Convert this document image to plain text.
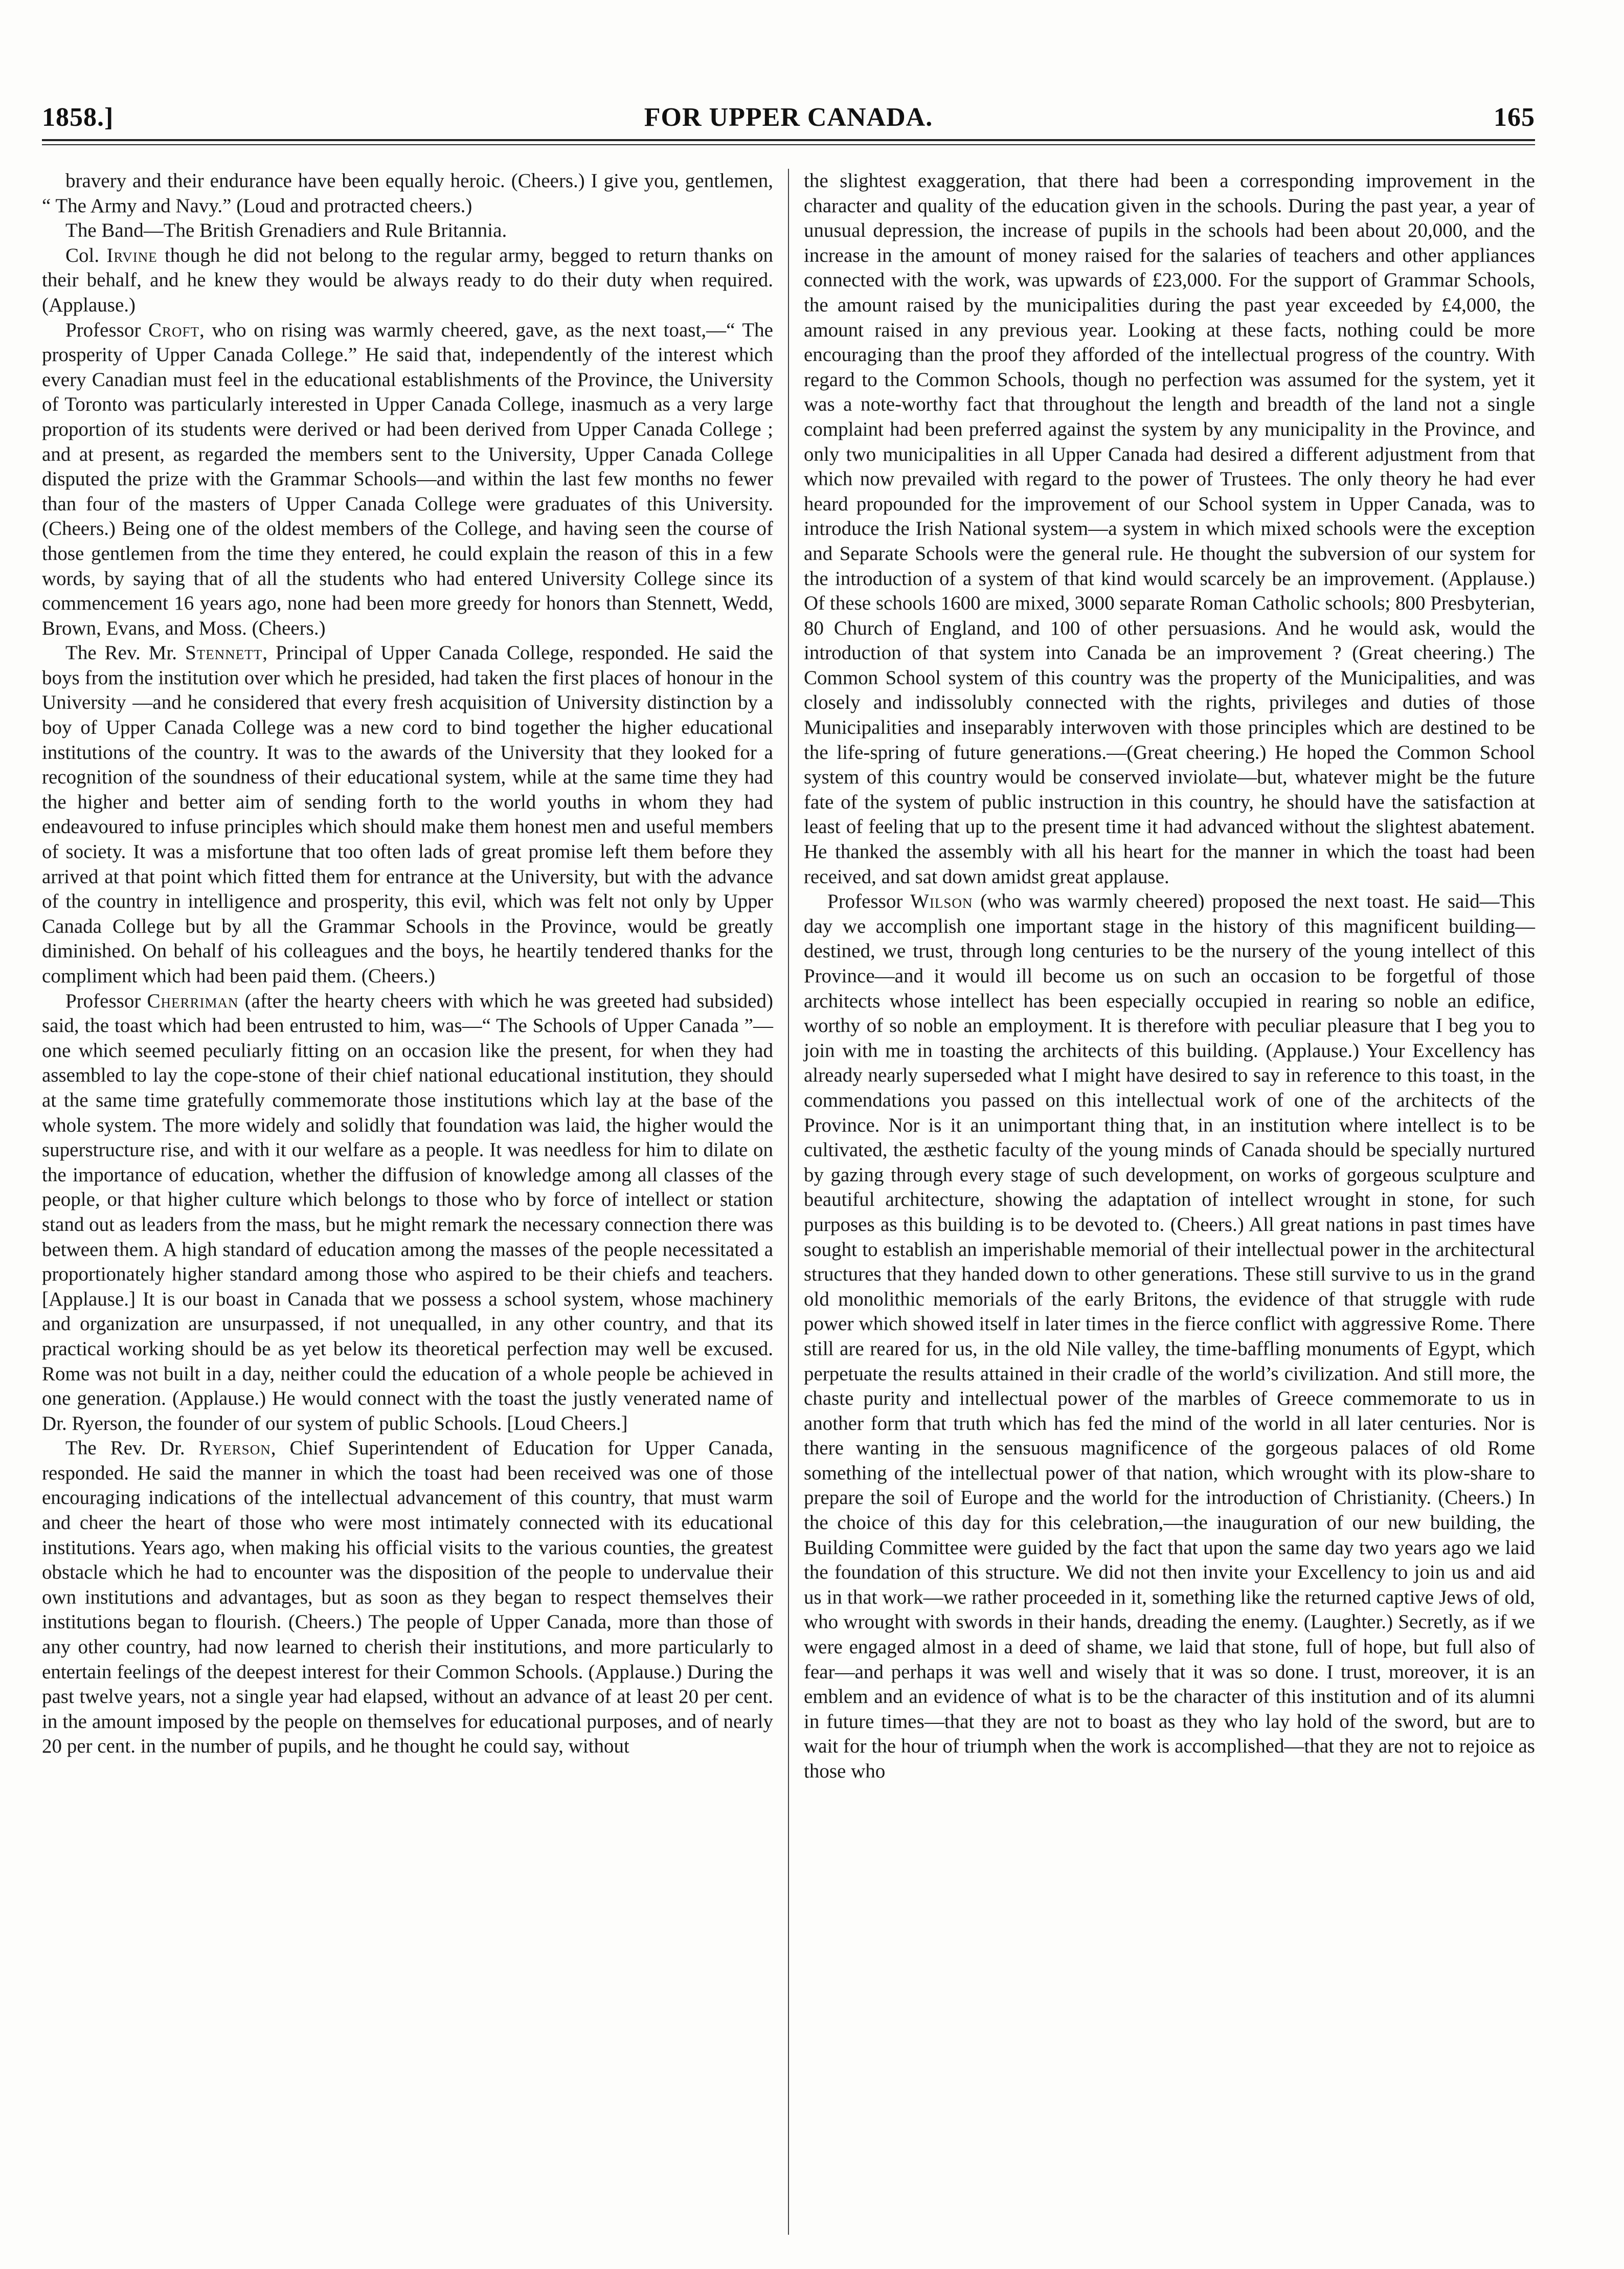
1858.]	FOR UPPER CANADA.	165

bravery and their endurance have been equally heroic. (Cheers.) I give you, gentlemen, “ The Army and Navy.” (Loud and protracted cheers.)

The Band—The British Grenadiers and Rule Britannia.

Col. Irvine though he did not belong to the regular army, begged to return thanks on their behalf, and he knew they would be always ready to do their duty when required. (Applause.)

Professor Croft, who on rising was warmly cheered, gave, as the next toast,—“ The prosperity of Upper Canada College.” He said that, independently of the interest which every Canadian must feel in the educational establishments of the Province, the University of Toronto was particularly interested in Upper Canada College, inasmuch as a very large proportion of its students were derived or had been derived from Upper Canada College ; and at present, as regarded the members sent to the University, Upper Canada College disputed the prize with the Grammar Schools—and within the last few months no fewer than four of the masters of Upper Canada College were graduates of this University. (Cheers.) Being one of the oldest members of the College, and having seen the course of those gentlemen from the time they entered, he could explain the reason of this in a few words, by saying that of all the students who had entered University College since its commencement 16 years ago, none had been more greedy for honors than Stennett, Wedd, Brown, Evans, and Moss. (Cheers.)

The Rev. Mr. Stennett, Principal of Upper Canada College, responded. He said the boys from the institution over which he presided, had taken the first places of honour in the University —and he considered that every fresh acquisition of University distinction by a boy of Upper Canada College was a new cord to bind together the higher educational institutions of the country. It was to the awards of the University that they looked for a recognition of the soundness of their educational system, while at the same time they had the higher and better aim of sending forth to the world youths in whom they had endeavoured to infuse principles which should make them honest men and useful members of society. It was a misfortune that too often lads of great promise left them before they arrived at that point which fitted them for entrance at the University, but with the advance of the country in intelligence and prosperity, this evil, which was felt not only by Upper Canada College but by all the Grammar Schools in the Province, would be greatly diminished. On behalf of his colleagues and the boys, he heartily tendered thanks for the compliment which had been paid them. (Cheers.)

Professor Cherriman (after the hearty cheers with which he was greeted had subsided) said, the toast which had been entrusted to him, was—“ The Schools of Upper Canada ”—one which seemed peculiarly fitting on an occasion like the present, for when they had assembled to lay the cope-stone of their chief national educational institution, they should at the same time gratefully commemorate those institutions which lay at the base of the whole system. The more widely and solidly that foundation was laid, the higher would the superstructure rise, and with it our welfare as a people. It was needless for him to dilate on the importance of education, whether the diffusion of knowledge among all classes of the people, or that higher culture which belongs to those who by force of intellect or station stand out as leaders from the mass, but he might remark the necessary connection there was between them. A high standard of education among the masses of the people necessitated a proportionately higher standard among those who aspired to be their chiefs and teachers. [Applause.] It is our boast in Canada that we possess a school system, whose machinery and organization are unsurpassed, if not unequalled, in any other country, and that its practical working should be as yet below its theoretical perfection may well be excused. Rome was not built in a day, neither could the education of a whole people be achieved in one generation. (Applause.) He would connect with the toast the justly venerated name of Dr. Ryerson, the founder of our system of public Schools. [Loud Cheers.]

The Rev. Dr. Ryerson, Chief Superintendent of Education for Upper Canada, responded. He said the manner in which the toast had been received was one of those encouraging indications of the intellectual advancement of this country, that must warm and cheer the heart of those who were most intimately connected with its educational institutions. Years ago, when making his official visits to the various counties, the greatest obstacle which he had to encounter was the disposition of the people to undervalue their own institutions and advantages, but as soon as they began to respect themselves their institutions began to flourish. (Cheers.) The people of Upper Canada, more than those of any other country, had now learned to cherish their institutions, and more particularly to entertain feelings of the deepest interest for their Common Schools. (Applause.) During the past twelve years, not a single year had elapsed, without an advance of at least 20 per cent. in the amount imposed by the people on themselves for educational purposes, and of nearly 20 per cent. in the number of pupils, and he thought he could say, without

the slightest exaggeration, that there had been a corresponding improvement in the character and quality of the education given in the schools. During the past year, a year of unusual depression, the increase of pupils in the schools had been about 20,000, and the increase in the amount of money raised for the salaries of teachers and other appliances connected with the work, was upwards of £23,000. For the support of Grammar Schools, the amount raised by the municipalities during the past year exceeded by £4,000, the amount raised in any previous year. Looking at these facts, nothing could be more encouraging than the proof they afforded of the intellectual progress of the country. With regard to the Common Schools, though no perfection was assumed for the system, yet it was a note-worthy fact that throughout the length and breadth of the land not a single complaint had been preferred against the system by any municipality in the Province, and only two municipalities in all Upper Canada had desired a different adjustment from that which now prevailed with regard to the power of Trustees. The only theory he had ever heard propounded for the improvement of our School system in Upper Canada, was to introduce the Irish National system—a system in which mixed schools were the exception and Separate Schools were the general rule. He thought the subversion of our system for the introduction of a system of that kind would scarcely be an improvement. (Applause.) Of these schools 1600 are mixed, 3000 separate Roman Catholic schools; 800 Presbyterian, 80 Church of England, and 100 of other persuasions. And he would ask, would the introduction of that system into Canada be an improvement ? (Great cheering.) The Common School system of this country was the property of the Municipalities, and was closely and indissolubly connected with the rights, privileges and duties of those Municipalities and inseparably interwoven with those principles which are destined to be the life-spring of future generations.—(Great cheering.) He hoped the Common School system of this country would be conserved inviolate—but, whatever might be the future fate of the system of public instruction in this country, he should have the satisfaction at least of feeling that up to the present time it had advanced without the slightest abatement. He thanked the assembly with all his heart for the manner in which the toast had been received, and sat down amidst great applause.

Professor Wilson (who was warmly cheered) proposed the next toast. He said—This day we accomplish one important stage in the history of this magnificent building—destined, we trust, through long centuries to be the nursery of the young intellect of this Province—and it would ill become us on such an occasion to be forgetful of those architects whose intellect has been especially occupied in rearing so noble an edifice, worthy of so noble an employment. It is therefore with peculiar pleasure that I beg you to join with me in toasting the architects of this building. (Applause.) Your Excellency has already nearly superseded what I might have desired to say in reference to this toast, in the commendations you passed on this intellectual work of one of the architects of the Province. Nor is it an unimportant thing that, in an institution where intellect is to be cultivated, the æsthetic faculty of the young minds of Canada should be specially nurtured by gazing through every stage of such development, on works of gorgeous sculpture and beautiful architecture, showing the adaptation of intellect wrought in stone, for such purposes as this building is to be devoted to. (Cheers.) All great nations in past times have sought to establish an imperishable memorial of their intellectual power in the architectural structures that they handed down to other generations. These still survive to us in the grand old monolithic memorials of the early Britons, the evidence of that struggle with rude power which showed itself in later times in the fierce conflict with aggressive Rome. There still are reared for us, in the old Nile valley, the time-baffling monuments of Egypt, which perpetuate the results attained in their cradle of the world’s civilization. And still more, the chaste purity and intellectual power of the marbles of Greece commemorate to us in another form that truth which has fed the mind of the world in all later centuries. Nor is there wanting in the sensuous magnificence of the gorgeous palaces of old Rome something of the intellectual power of that nation, which wrought with its plow-share to prepare the soil of Europe and the world for the introduction of Christianity. (Cheers.) In the choice of this day for this celebration,—the inauguration of our new building, the Building Committee were guided by the fact that upon the same day two years ago we laid the foundation of this structure. We did not then invite your Excellency to join us and aid us in that work—we rather proceeded in it, something like the returned captive Jews of old, who wrought with swords in their hands, dreading the enemy. (Laughter.) Secretly, as if we were engaged almost in a deed of shame, we laid that stone, full of hope, but full also of fear—and perhaps it was well and wisely that it was so done. I trust, moreover, it is an emblem and an evidence of what is to be the character of this institution and of its alumni in future times—that they are not to boast as they who lay hold of the sword, but are to wait for the hour of triumph when the work is accomplished—that they are not to rejoice as those who
